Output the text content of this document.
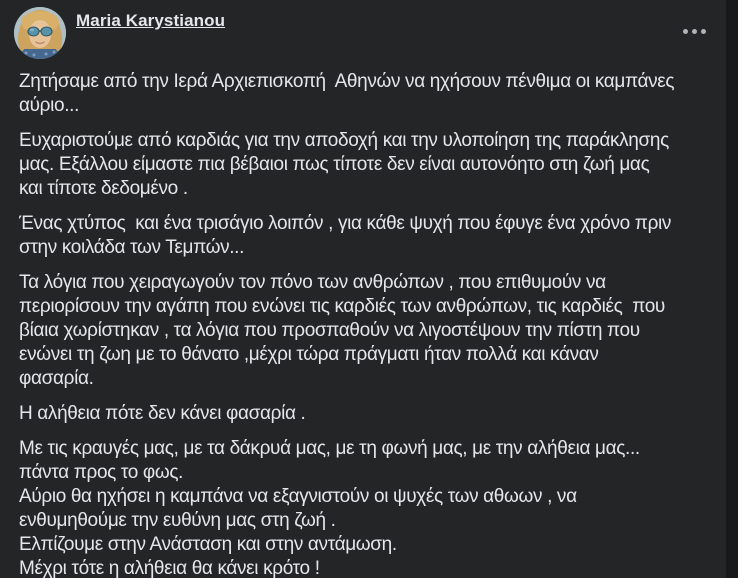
Maria Karystianou

Ζητήσαμε από την Ιερά Αρχιεπισκοπή  Αθηνών να ηχήσουν πένθιμα οι καμπάνες
αύριο...

Ευχαριστούμε από καρδιάς για την αποδοχή και την υλοποίηση της παράκλησης
μας. Εξάλλου είμαστε πια βέβαιοι πως τίποτε δεν είναι αυτονόητο στη ζωή μας
και τίποτε δεδομένο .

Ένας χτύπος  και ένα τρισάγιο λοιπόν , για κάθε ψυχή που έφυγε ένα χρόνο πριν
στην κοιλάδα των Τεμπών...

Τα λόγια που χειραγωγούν τον πόνο των ανθρώπων , που επιθυμούν να
περιορίσουν την αγάπη που ενώνει τις καρδιές των ανθρώπων, τις καρδιές  που
βίαια χωρίστηκαν , τα λόγια που προσπαθούν να λιγοστέψουν την πίστη που
ενώνει τη ζωη με το θάνατο ,μέχρι τώρα πράγματι ήταν πολλά και κάναν
φασαρία.

Η αλήθεια πότε δεν κάνει φασαρία .

Με τις κραυγές μας, με τα δάκρυά μας, με τη φωνή μας, με την αλήθεια μας...
πάντα προς το φως.
Αύριο θα ηχήσει η καμπάνα να εξαγνιστούν οι ψυχές των αθωων , να
ενθυμηθούμε την ευθύνη μας στη ζωή .
Ελπίζουμε στην Ανάσταση και στην αντάμωση.
Μέχρι τότε η αλήθεια θα κάνει κρότο !
